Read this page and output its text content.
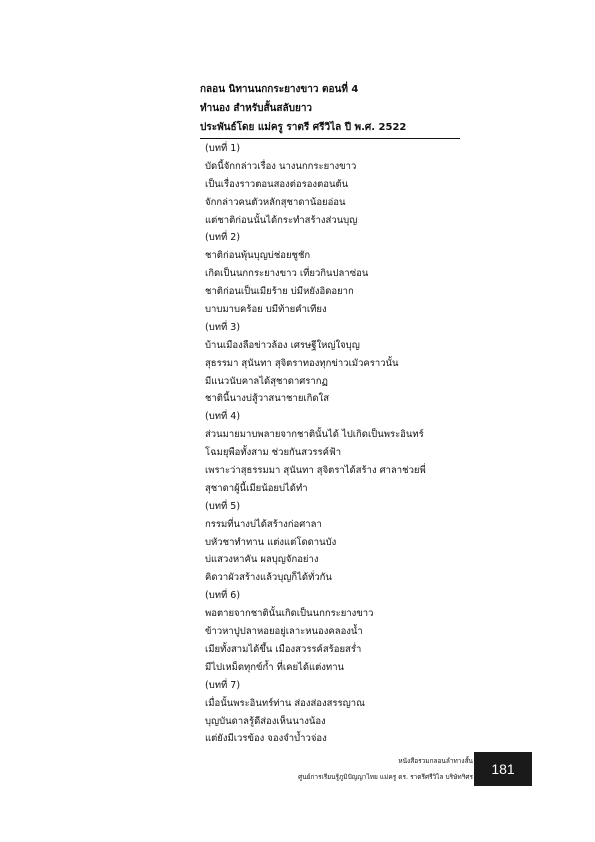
กลอน นิทานนกกระยางขาว ตอนที่ 4
ทำนอง สำหรับสั้นสลับยาว
ประพันธ์โดย แม่ครู ราตรี ศรีวิไล ปี พ.ศ. 2522
(บทที่ 1)
บัดนี้จักกล่าวเรื่อง นางนกกระยางขาว
เป็นเรื่องราวตอนสองต่อรองตอนต้น
จักกล่าวคนตัวหลักสุชาดาน้อยอ่อน
แต่ชาติก่อนนั้นได้กระทำสร้างส่วนบุญ
(บทที่ 2)
ชาติก่อนพุ้นบุญบ่ช่อยชูชัก
เกิดเป็นนกกระยางขาว เที่ยวกินปลาซ่อน
ชาติก่อนเป็นเมียร้าย บ่มีหยังอิดอยาก
บาบมาบคร้อย บมีท้ายคำเทียง
(บทที่ 3)
บ้านเมืองลือข่าวล้อง เศรษฐีใหญ่ใจบุญ
สุธรรมา สุนันทา สุจิตราทองทุกข่าวเมัวคราวนั้น
มีแนวนับคาลได้สุชาดาศรากฏ
ชาตินี้นางบ่สู้วาสนาชายเกิดใส
(บทที่ 4)
ส่วนมายมาบพลายจากชาตินั้นได้ ไปเกิดเป็นพระอินทร์
โฉมยุพือทั้งสาม ช่วยกันสวรรค์ฟ้า
เพราะว่าสุธรรมมา สุนันทา สุจิตราได้สร้าง ศาลาช่วยพี่
สุชาดาผู้นี้เมียน้อยบ่ได้ทำ
(บทที่ 5)
กรรมที่นางบ่ได้สร้างก่อศาลา
บหัวชาทำทาน แต่งแต่โดดานบัง
บ่แสวงหาคัน ผลบุญจักอย่าง
คิดวาผัวสร้างแล้วบุญก็ได้ทั่วกัน
(บทที่ 6)
พอตายจากชาตินั้นเกิดเป็นนกกระยางขาว
ข้าวหาปูปลาหอยอยู่เลาะหนองคลองน้ำ
เมียทั้งสามได้ขึ้น เมืองสวรรค์สร้อยสร่ำ
มีไปเหม็ดทุกข์ก้ำ ที่เคยได้แต่งทาน
(บทที่ 7)
เมื่อนั้นพระอินทร์ท่าน ส่องส่องสรรญาณ
บุญบันดาลรู้ดีส่องเห็นนางน้อง
แต่ยังมีเวรข้อง จองจำบ้ำวจ่อง
หนังสือรวมกลอนลำทางสั้น
ศูนย์การเรียนรู้ภูมิปัญญาไทย แม่ครู ดร. ราตรีศรีวิไล บริษัทฯิศร	181
